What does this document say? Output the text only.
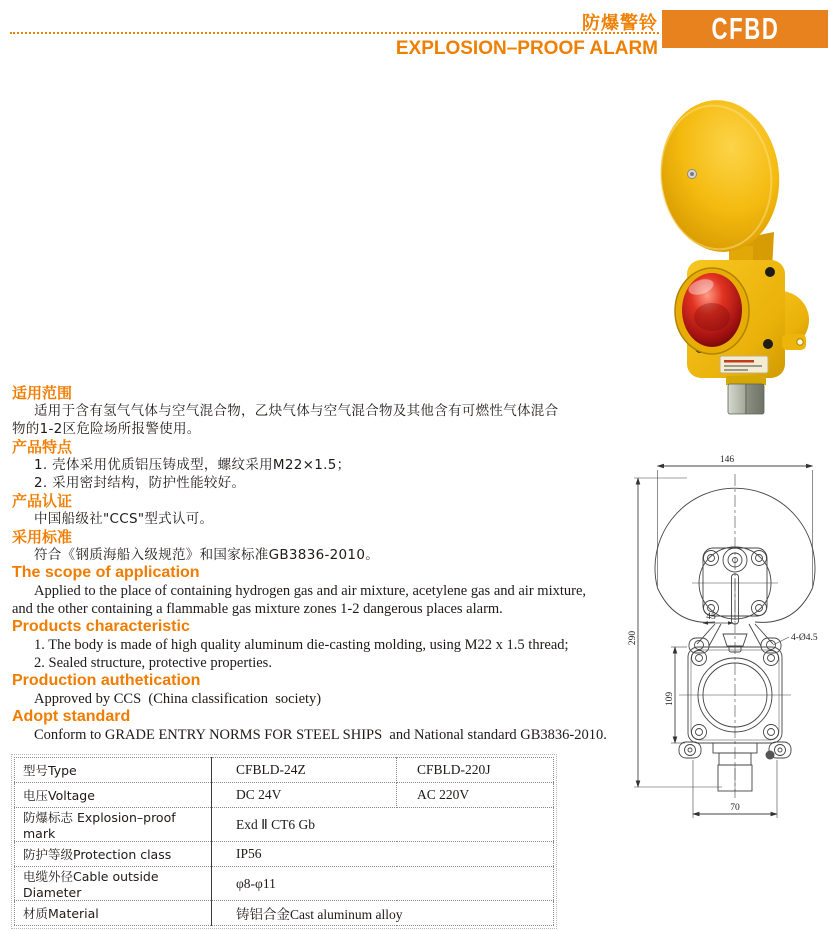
防爆警铃
EXPLOSION–PROOF ALARM
CFBD
适用范围
适用于含有氢气气体与空气混合物，乙炔气体与空气混合物及其他含有可燃性气体混合
物的1-2区危险场所报警使用。
产品特点
1. 壳体采用优质铝压铸成型，螺纹采用M22×1.5；
2. 采用密封结构，防护性能较好。
产品认证
中国船级社"CCS"型式认可。
采用标准
符合《钢质海船入级规范》和国家标准GB3836-2010。
The scope of application
Applied to the place of containing hydrogen gas and air mixture, acetylene gas and air mixture,
and the other containing a flammable gas mixture zones 1-2 dangerous places alarm.
Products characteristic
1. The body is made of high quality aluminum die-casting molding, using M22 x 1.5 thread;
2. Sealed structure, protective properties.
Production authetication
Approved by CCS  (China classification  society)
Adopt standard
Conform to GRADE ENTRY NORMS FOR STEEL SHIPS  and National standard GB3836-2010.
146
290
45
4-Ø4.5
109
70
型号Type	CFBLD-24Z	CFBLD-220J
电压Voltage	DC 24V	AC 220V
防爆标志 Explosion–proof mark	Exd Ⅱ CT6 Gb	
防护等级Protection class	IP56	
电缆外径Cable outside Diameter	φ8-φ11	
材质Material	铸铝合金Cast aluminum alloy	
